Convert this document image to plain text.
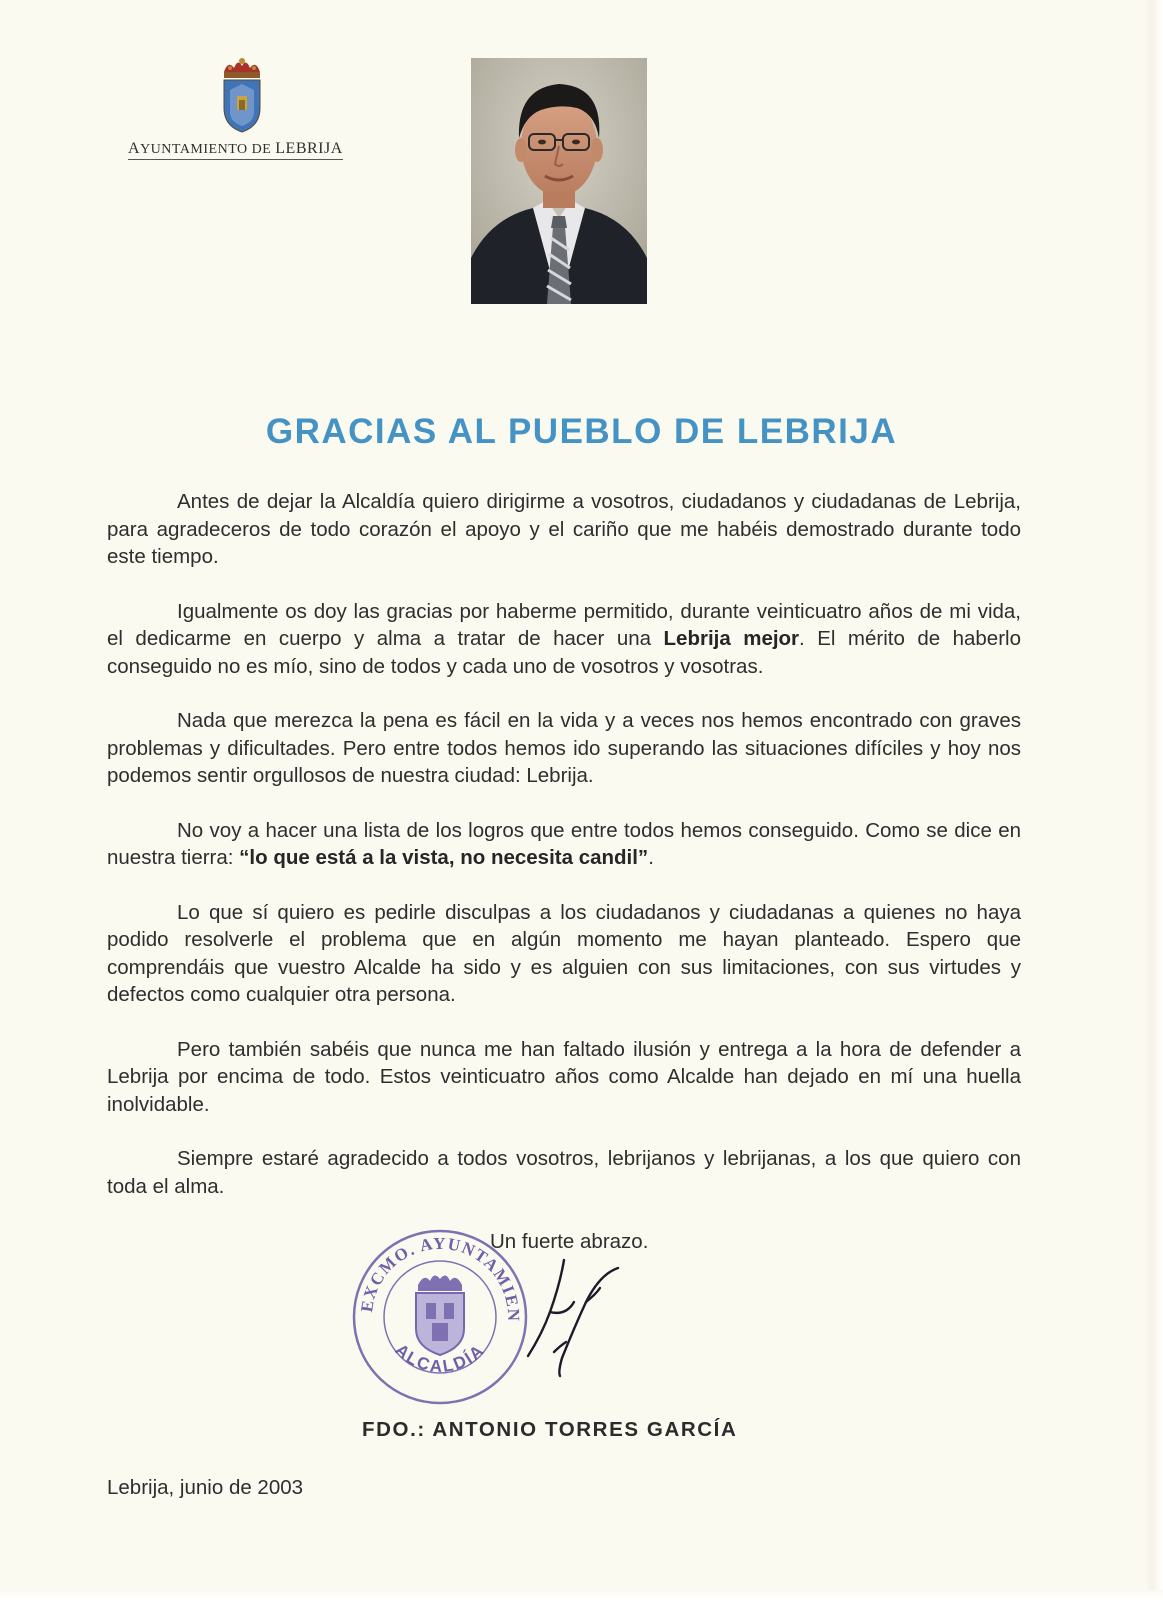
AYUNTAMIENTO DE LEBRIJA
GRACIAS AL PUEBLO DE LEBRIJA

Antes de dejar la Alcaldía quiero dirigirme a vosotros, ciudadanos y ciudadanas de Lebrija, para agradeceros de todo corazón el apoyo y el cariño que me habéis demostrado durante todo este tiempo.

Igualmente os doy las gracias por haberme permitido, durante veinticuatro años de mi vida, el dedicarme en cuerpo y alma a tratar de hacer una Lebrija mejor. El mérito de haberlo conseguido no es mío, sino de todos y cada uno de vosotros y vosotras.

Nada que merezca la pena es fácil en la vida y a veces nos hemos encontrado con graves problemas y dificultades. Pero entre todos hemos ido superando las situaciones difíciles y hoy nos podemos sentir orgullosos de nuestra ciudad: Lebrija.

No voy a hacer una lista de los logros que entre todos hemos conseguido. Como se dice en nuestra tierra: “lo que está a la vista, no necesita candil”.

Lo que sí quiero es pedirle disculpas a los ciudadanos y ciudadanas a quienes no haya podido resolverle el problema que en algún momento me hayan planteado. Espero que comprendáis que vuestro Alcalde ha sido y es alguien con sus limitaciones, con sus virtudes y defectos como cualquier otra persona.

Pero también sabéis que nunca me han faltado ilusión y entrega a la hora de defender a Lebrija por encima de todo. Estos veinticuatro años como Alcalde han dejado en mí una huella inolvidable.

Siempre estaré agradecido a todos vosotros, lebrijanos y lebrijanas, a los que quiero con toda el alma.

EXCMO. AYUNTAMIEN
ALCALDÍA
Un fuerte abrazo.
FDO.: ANTONIO TORRES GARCÍA
Lebrija, junio de 2003
